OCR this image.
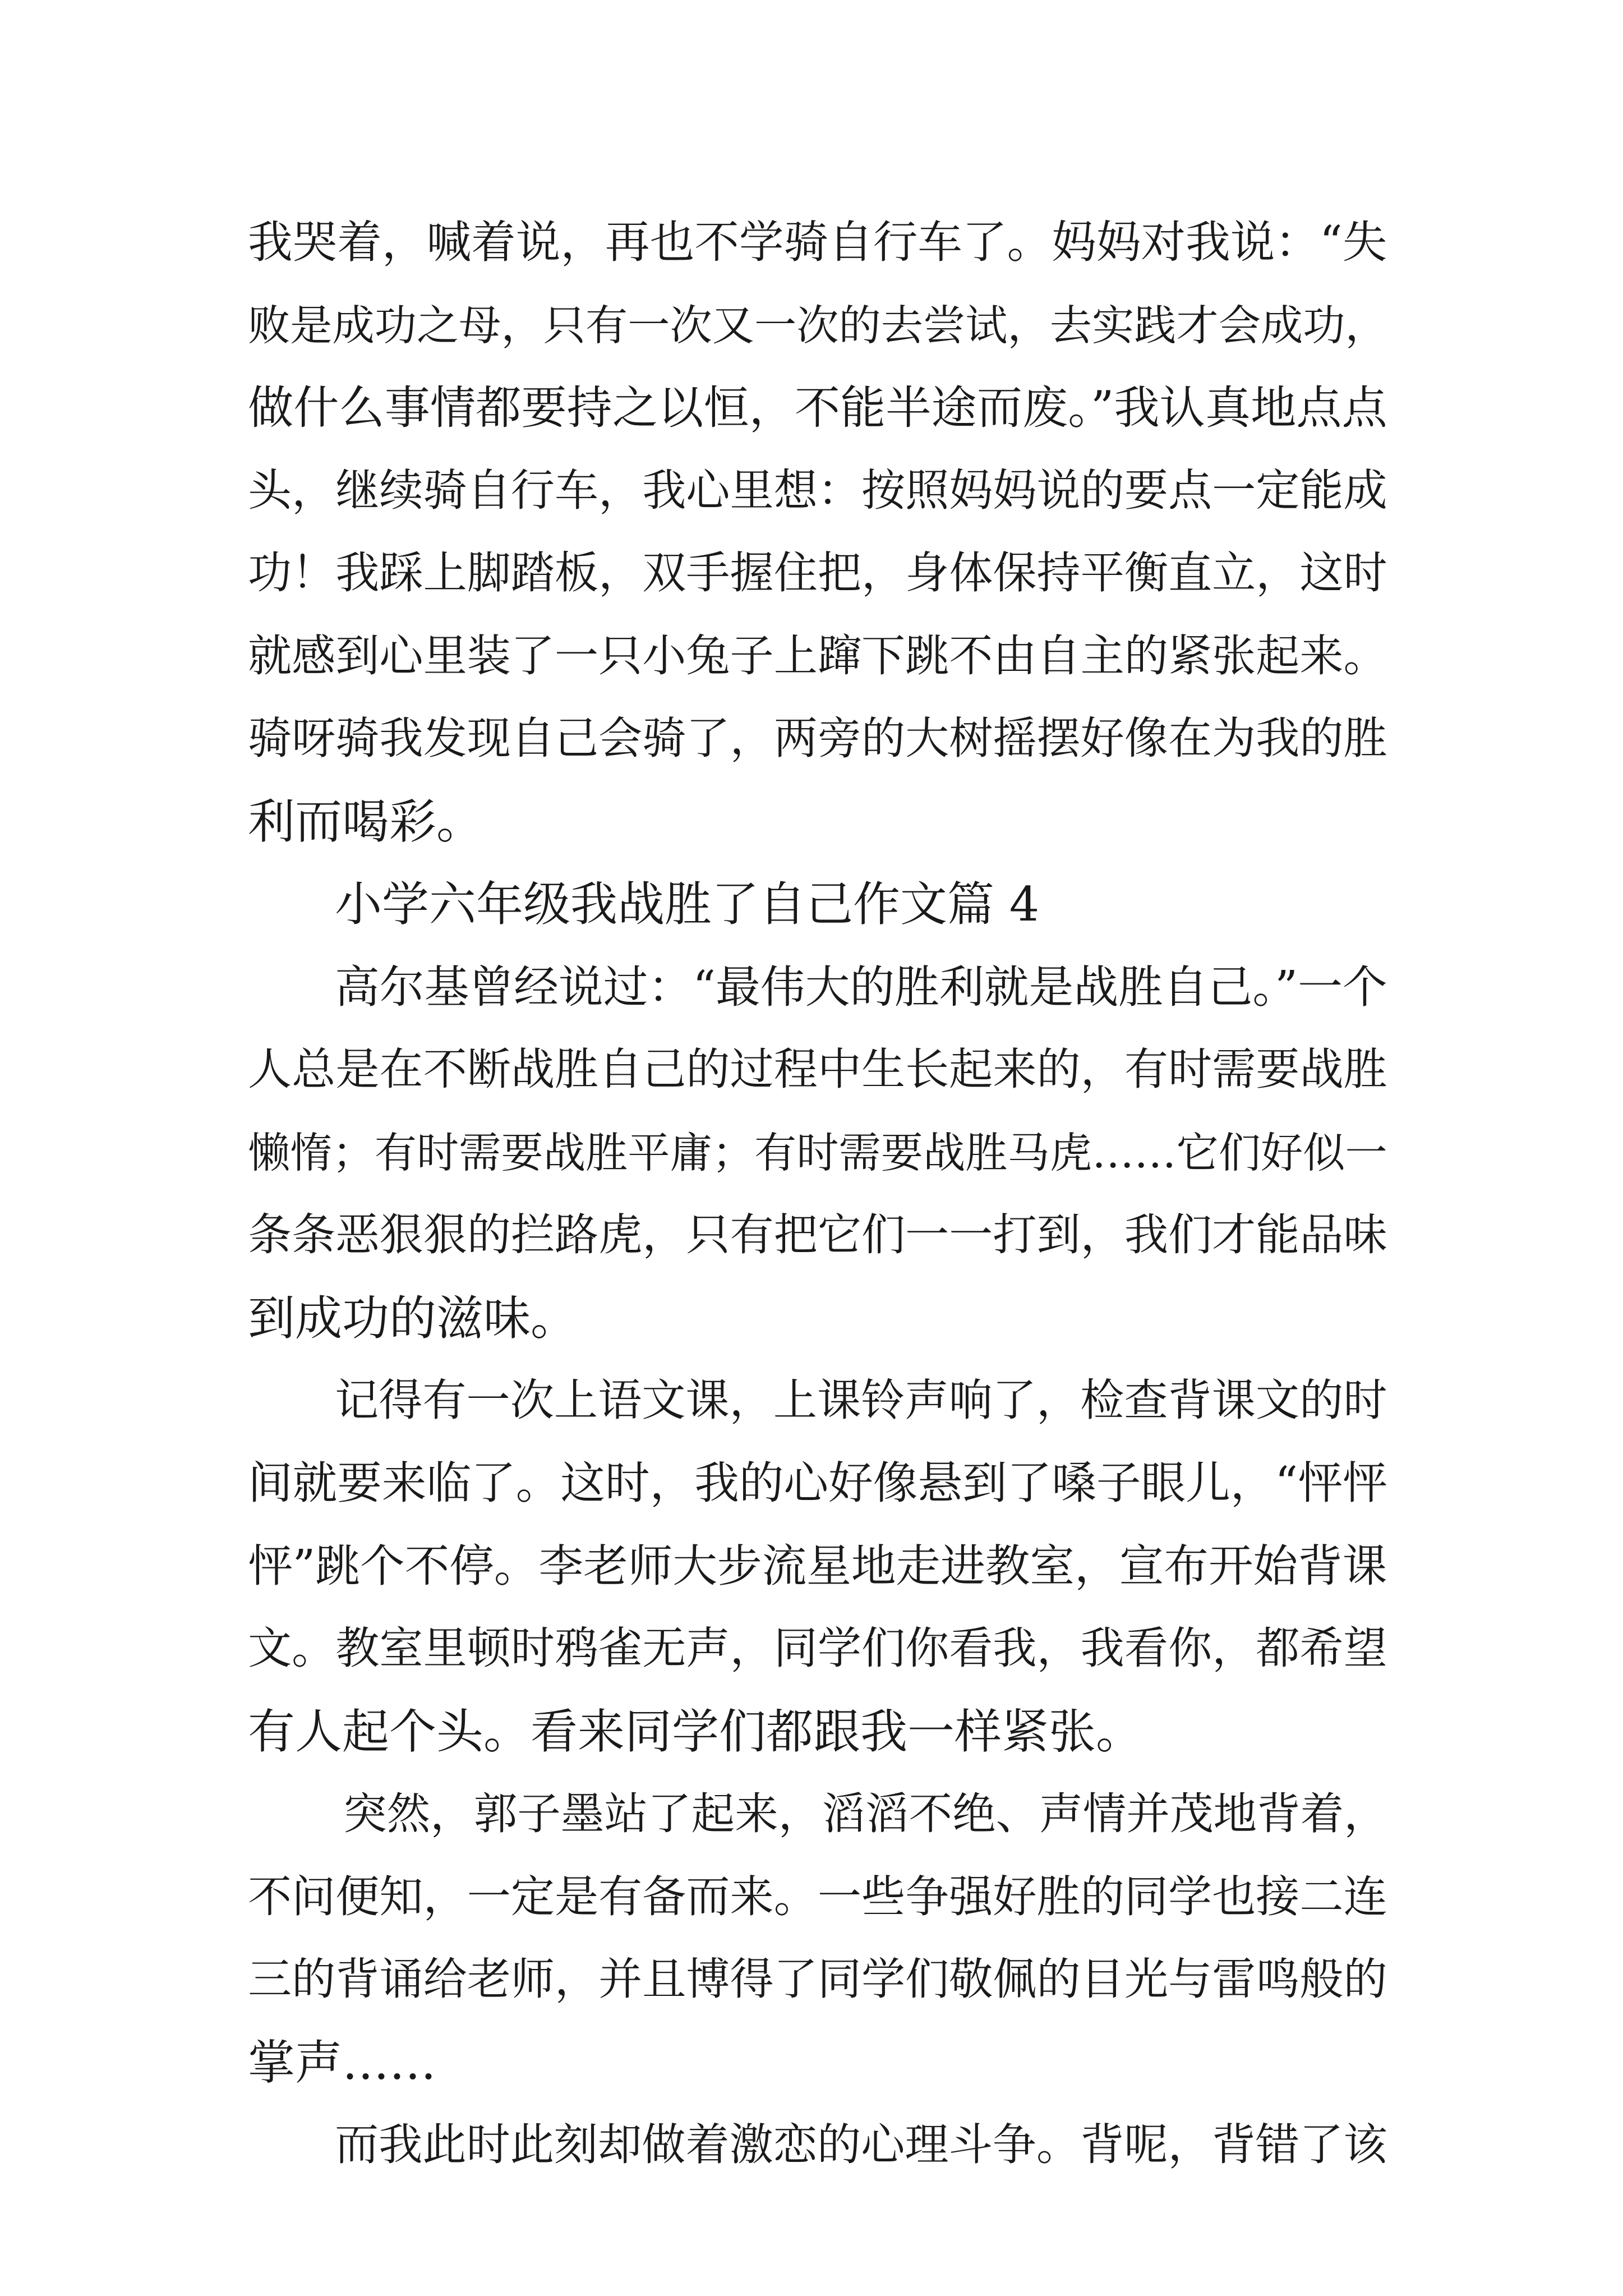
我哭着，喊着说，再也不学骑自行车了。妈妈对我说：“失

败是成功之母，只有一次又一次的去尝试，去实践才会成功，

做什么事情都要持之以恒，不能半途而废。”我认真地点点

头，继续骑自行车，我心里想：按照妈妈说的要点一定能成

功！我踩上脚踏板，双手握住把，身体保持平衡直立，这时

就感到心里装了一只小兔子上蹿下跳不由自主的紧张起来。

骑呀骑我发现自己会骑了，两旁的大树摇摆好像在为我的胜

利而喝彩。

小学六年级我战胜了自己作文篇 4

高尔基曾经说过：“最伟大的胜利就是战胜自己。”一个

人总是在不断战胜自己的过程中生长起来的，有时需要战胜

懒惰；有时需要战胜平庸；有时需要战胜马虎……它们好似一

条条恶狠狠的拦路虎，只有把它们一一打到，我们才能品味

到成功的滋味。

记得有一次上语文课，上课铃声响了，检查背课文的时

间就要来临了。这时，我的心好像悬到了嗓子眼儿，“怦怦

怦”跳个不停。李老师大步流星地走进教室，宣布开始背课

文。教室里顿时鸦雀无声，同学们你看我，我看你，都希望

有人起个头。看来同学们都跟我一样紧张。

突然，郭子墨站了起来，滔滔不绝、声情并茂地背着，

不问便知，一定是有备而来。一些争强好胜的同学也接二连

三的背诵给老师，并且博得了同学们敬佩的目光与雷鸣般的

掌声……

而我此时此刻却做着激恋的心理斗争。背呢，背错了该
